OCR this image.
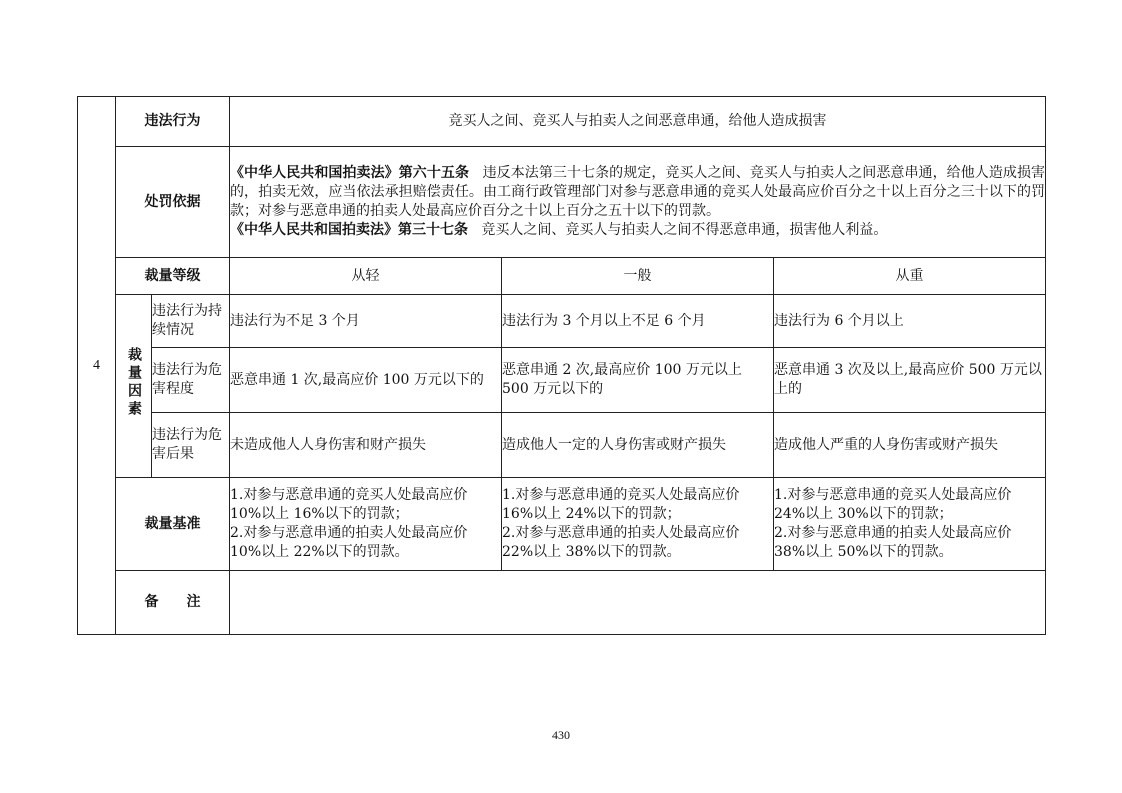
4	违法行为		竞买人之间、竞买人与拍卖人之间恶意串通，给他人造成损害		
	处罚依据		《中华人民共和国拍卖法》第六十五条 违反本法第三十七条的规定，竞买人之间、竞买人与拍卖人之间恶意串通，给他人造成损害的，拍卖无效，应当依法承担赔偿责任。由工商行政管理部门对参与恶意串通的竞买人处最高应价百分之十以上百分之三十以下的罚款；对参与恶意串通的拍卖人处最高应价百分之十以上百分之五十以下的罚款。
《中华人民共和国拍卖法》第三十七条 竞买人之间、竞买人与拍卖人之间不得恶意串通，损害他人利益。		
	裁量等级		从轻	一般	从重
	裁量因素	违法行为持续情况	违法行为不足 3 个月	违法行为 3 个月以上不足 6 个月	违法行为 6 个月以上
		违法行为危害程度	恶意串通 1 次,最高应价 100 万元以下的	恶意串通 2 次,最高应价 100 万元以上 500 万元以下的	恶意串通 3 次及以上,最高应价 500 万元以上的
		违法行为危害后果	未造成他人人身伤害和财产损失	造成他人一定的人身伤害或财产损失	造成他人严重的人身伤害或财产损失
	裁量基准		1.对参与恶意串通的竞买人处最高应价 10%以上 16%以下的罚款；
2.对参与恶意串通的拍卖人处最高应价 10%以上 22%以下的罚款。	1.对参与恶意串通的竞买人处最高应价 16%以上 24%以下的罚款；
2.对参与恶意串通的拍卖人处最高应价 22%以上 38%以下的罚款。	1.对参与恶意串通的竞买人处最高应价 24%以上 30%以下的罚款；
2.对参与恶意串通的拍卖人处最高应价 38%以上 50%以下的罚款。
	备 注				
430
